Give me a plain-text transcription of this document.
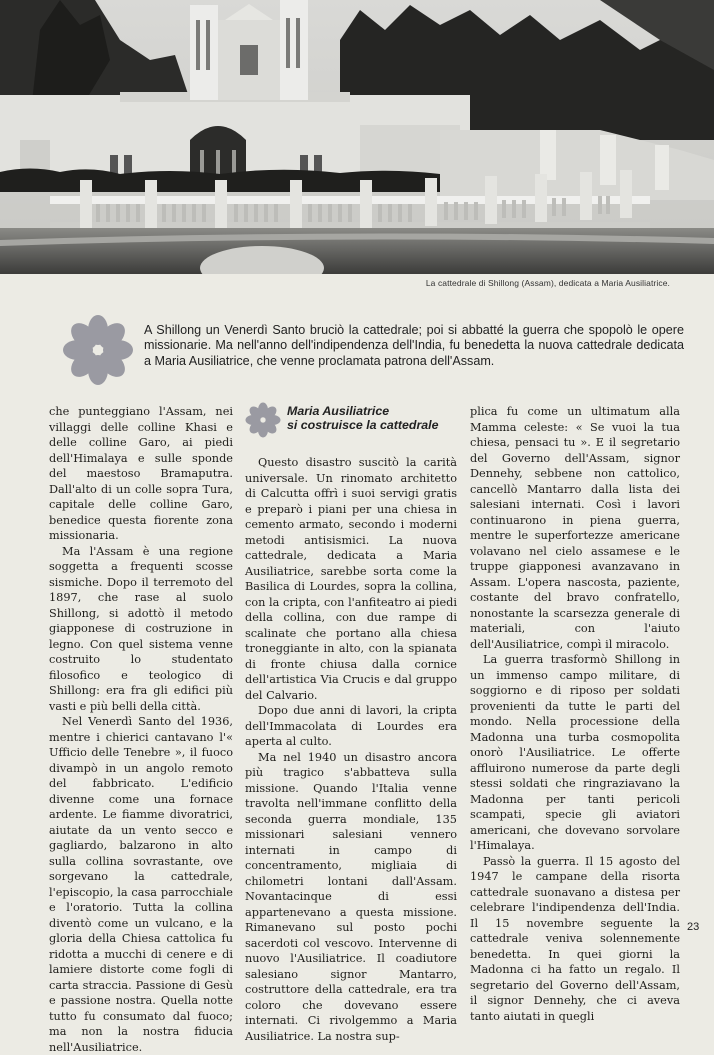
La cattedrale di Shillong (Assam), dedicata a Maria Ausiliatrice.
A Shillong un Venerdì Santo bruciò la cattedrale; poi si abbatté la guerra che spopolò le opere missionarie. Ma nell'anno dell'indipendenza dell'India, fu benedetta la nuova cattedrale dedicata a Maria Ausiliatrice, che venne proclamata patrona dell'Assam.

che punteggiano l'Assam, nei villaggi delle colline Khasi e delle colline Garo, ai piedi dell'Himalaya e sulle sponde del maestoso Bramaputra. Dall'alto di un colle sopra Tura, capitale delle colline Garo, benedice questa fiorente zona missionaria.

Ma l'Assam è una regione soggetta a frequenti scosse sismiche. Dopo il terremoto del 1897, che rase al suolo Shillong, si adottò il metodo giapponese di costruzione in legno. Con quel sistema venne costruito lo studentato filosofico e teologico di Shillong: era fra gli edifici più vasti e più belli della città.

Nel Venerdì Santo del 1936, mentre i chierici cantavano l'« Ufficio delle Tenebre », il fuoco divampò in un angolo remoto del fabbricato. L'edificio divenne come una fornace ardente. Le fiamme divoratrici, aiutate da un vento secco e gagliardo, balzarono in alto sulla collina sovrastante, ove sorgevano la cattedrale, l'episcopio, la casa parrocchiale e l'oratorio. Tutta la collina diventò come un vulcano, e la gloria della Chiesa cattolica fu ridotta a mucchi di cenere e di lamiere distorte come fogli di carta straccia. Passione di Gesù e passione nostra. Quella notte tutto fu consumato dal fuoco; ma non la nostra fiducia nell'Ausiliatrice.

Maria Ausiliatrice
si costruisce la cattedrale

Questo disastro suscitò la carità universale. Un rinomato architetto di Calcutta offrì i suoi servigi gratis e preparò i piani per una chiesa in cemento armato, secondo i moderni metodi antisismici. La nuova cattedrale, dedicata a Maria Ausiliatrice, sarebbe sorta come la Basilica di Lourdes, sopra la collina, con la cripta, con l'anfiteatro ai piedi della collina, con due rampe di scalinate che portano alla chiesa troneggiante in alto, con la spianata di fronte chiusa dalla cornice dell'artistica Via Crucis e dal gruppo del Calvario.

Dopo due anni di lavori, la cripta dell'Immacolata di Lourdes era aperta al culto.

Ma nel 1940 un disastro ancora più tragico s'abbatteva sulla missione. Quando l'Italia venne travolta nell'immane conflitto della seconda guerra mondiale, 135 missionari salesiani vennero internati in campo di concentramento, migliaia di chilometri lontani dall'Assam. Novantacinque di essi appartenevano a questa missione. Rimanevano sul posto pochi sacerdoti col vescovo. Intervenne di nuovo l'Ausiliatrice. Il coadiutore salesiano signor Mantarro, costruttore della cattedrale, era tra coloro che dovevano essere internati. Ci rivolgemmo a Maria Ausiliatrice. La nostra sup-

plica fu come un ultimatum alla Mamma celeste: « Se vuoi la tua chiesa, pensaci tu ». E il segretario del Governo dell'Assam, signor Dennehy, sebbene non cattolico, cancellò Mantarro dalla lista dei salesiani internati. Così i lavori continuarono in piena guerra, mentre le superfortezze americane volavano nel cielo assamese e le truppe giapponesi avanzavano in Assam. L'opera nascosta, paziente, costante del bravo confratello, nonostante la scarsezza generale di materiali, con l'aiuto dell'Ausiliatrice, compì il miracolo.

La guerra trasformò Shillong in un immenso campo militare, di soggiorno e di riposo per soldati provenienti da tutte le parti del mondo. Nella processione della Madonna una turba cosmopolita onorò l'Ausiliatrice. Le offerte affluirono numerose da parte degli stessi soldati che ringraziavano la Madonna per tanti pericoli scampati, specie gli aviatori americani, che dovevano sorvolare l'Himalaya.

Passò la guerra. Il 15 agosto del 1947 le campane della risorta cattedrale suonavano a distesa per celebrare l'indipendenza dell'India. Il 15 novembre seguente la cattedrale veniva solennemente benedetta. In quei giorni la Madonna ci ha fatto un regalo. Il segretario del Governo dell'Assam, il signor Dennehy, che ci aveva tanto aiutati in quegli

23
